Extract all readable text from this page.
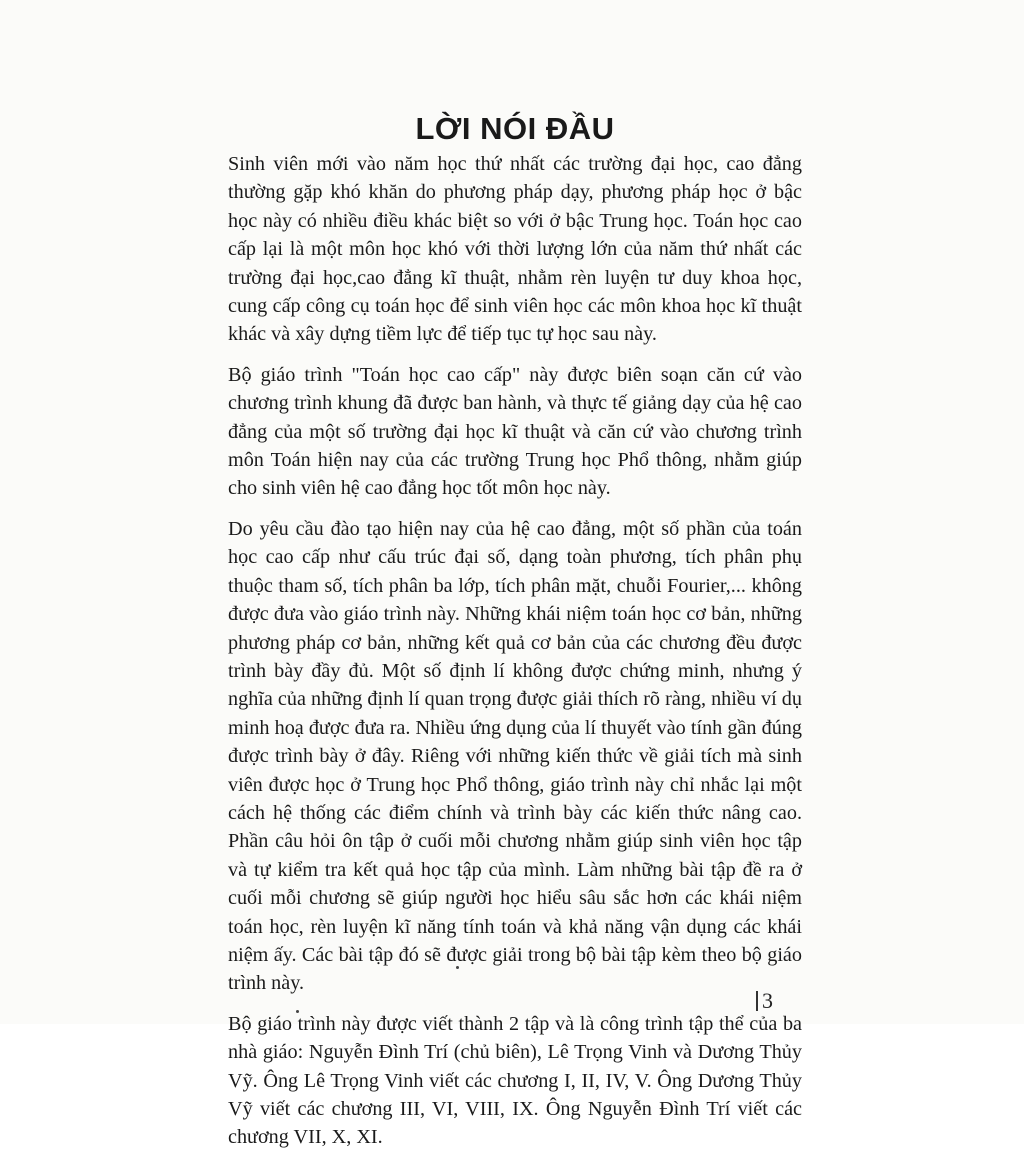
LỜI NÓI ĐẦU

Sinh viên mới vào năm học thứ nhất các trường đại học, cao đẳng thường gặp khó khăn do phương pháp dạy, phương pháp học ở bậc học này có nhiều điều khác biệt so với ở bậc Trung học. Toán học cao cấp lại là một môn học khó với thời lượng lớn của năm thứ nhất các trường đại học,cao đẳng kĩ thuật, nhằm rèn luyện tư duy khoa học, cung cấp công cụ toán học để sinh viên học các môn khoa học kĩ thuật khác và xây dựng tiềm lực để tiếp tục tự học sau này.

Bộ giáo trình "Toán học cao cấp" này được biên soạn căn cứ vào chương trình khung đã được ban hành, và thực tế giảng dạy của hệ cao đẳng của một số trường đại học kĩ thuật và căn cứ vào chương trình môn Toán hiện nay của các trường Trung học Phổ thông, nhằm giúp cho sinh viên hệ cao đẳng học tốt môn học này.

Do yêu cầu đào tạo hiện nay của hệ cao đẳng, một số phần của toán học cao cấp như cấu trúc đại số, dạng toàn phương, tích phân phụ thuộc tham số, tích phân ba lớp, tích phân mặt, chuỗi Fourier,... không được đưa vào giáo trình này. Những khái niệm toán học cơ bản, những phương pháp cơ bản, những kết quả cơ bản của các chương đều được trình bày đầy đủ. Một số định lí không được chứng minh, nhưng ý nghĩa của những định lí quan trọng được giải thích rõ ràng, nhiều ví dụ minh hoạ được đưa ra. Nhiều ứng dụng của lí thuyết vào tính gần đúng được trình bày ở đây. Riêng với những kiến thức về giải tích mà sinh viên được học ở Trung học Phổ thông, giáo trình này chỉ nhắc lại một cách hệ thống các điểm chính và trình bày các kiến thức nâng cao. Phần câu hỏi ôn tập ở cuối mỗi chương nhằm giúp sinh viên học tập và tự kiểm tra kết quả học tập của mình. Làm những bài tập đề ra ở cuối mỗi chương sẽ giúp người học hiểu sâu sắc hơn các khái niệm toán học, rèn luyện kĩ năng tính toán và khả năng vận dụng các khái niệm ấy. Các bài tập đó sẽ được giải trong bộ bài tập kèm theo bộ giáo trình này.

Bộ giáo trình này được viết thành 2 tập và là công trình tập thể của ba nhà giáo: Nguyễn Đình Trí (chủ biên), Lê Trọng Vinh và Dương Thủy Vỹ. Ông Lê Trọng Vinh viết các chương I, II, IV, V. Ông Dương Thủy Vỹ viết các chương III, VI, VIII, IX. Ông Nguyễn Đình Trí viết các chương VII, X, XI.

3
